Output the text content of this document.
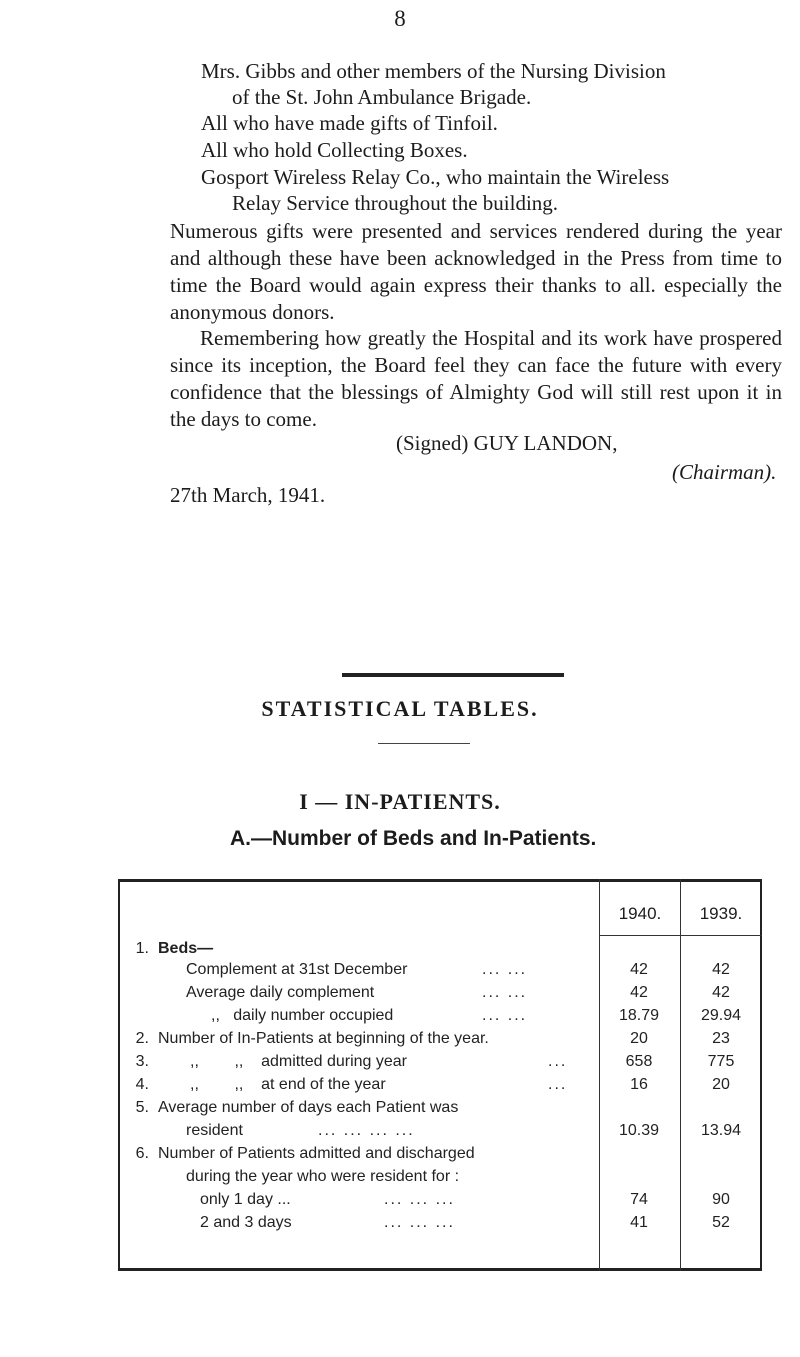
8
Mrs. Gibbs and other members of the Nursing Division
of the St. John Ambulance Brigade.
All who have made gifts of Tinfoil.
All who hold Collecting Boxes.
Gosport Wireless Relay Co., who maintain the Wireless
Relay Service throughout the building.
Numerous gifts were presented and services rendered during the year and although these have been acknowledged in the Press from time to time the Board would again express their thanks to all. especially the anonymous donors.
Remembering how greatly the Hospital and its work have prospered since its inception, the Board feel they can face the future with every confidence that the blessings of Almighty God will still rest upon it in the days to come.
(Signed) GUY LANDON,
(Chairman).
27th March, 1941.
STATISTICAL TABLES.
I — IN-PATIENTS.
A.—Number of Beds and In-Patients.
1940.	1939.
1. Beds—
Complement at 31st December	... ...	42	42
Average daily complement	... ...	42	42
,,   daily number occupied	... ...	18.79	29.94
2. Number of In-Patients at beginning of the year.	20	23
3.	,,        ,,    admitted during year	...	658	775
4.	,,        ,,    at end of the year	...	16	20
5. Average number of days each Patient was
resident	... ... ... ...	10.39	13.94
6. Number of Patients admitted and discharged
during the year who were resident for :
only 1 day ...	... ... ...	74	90
2 and 3 days	... ... ...	41	52
